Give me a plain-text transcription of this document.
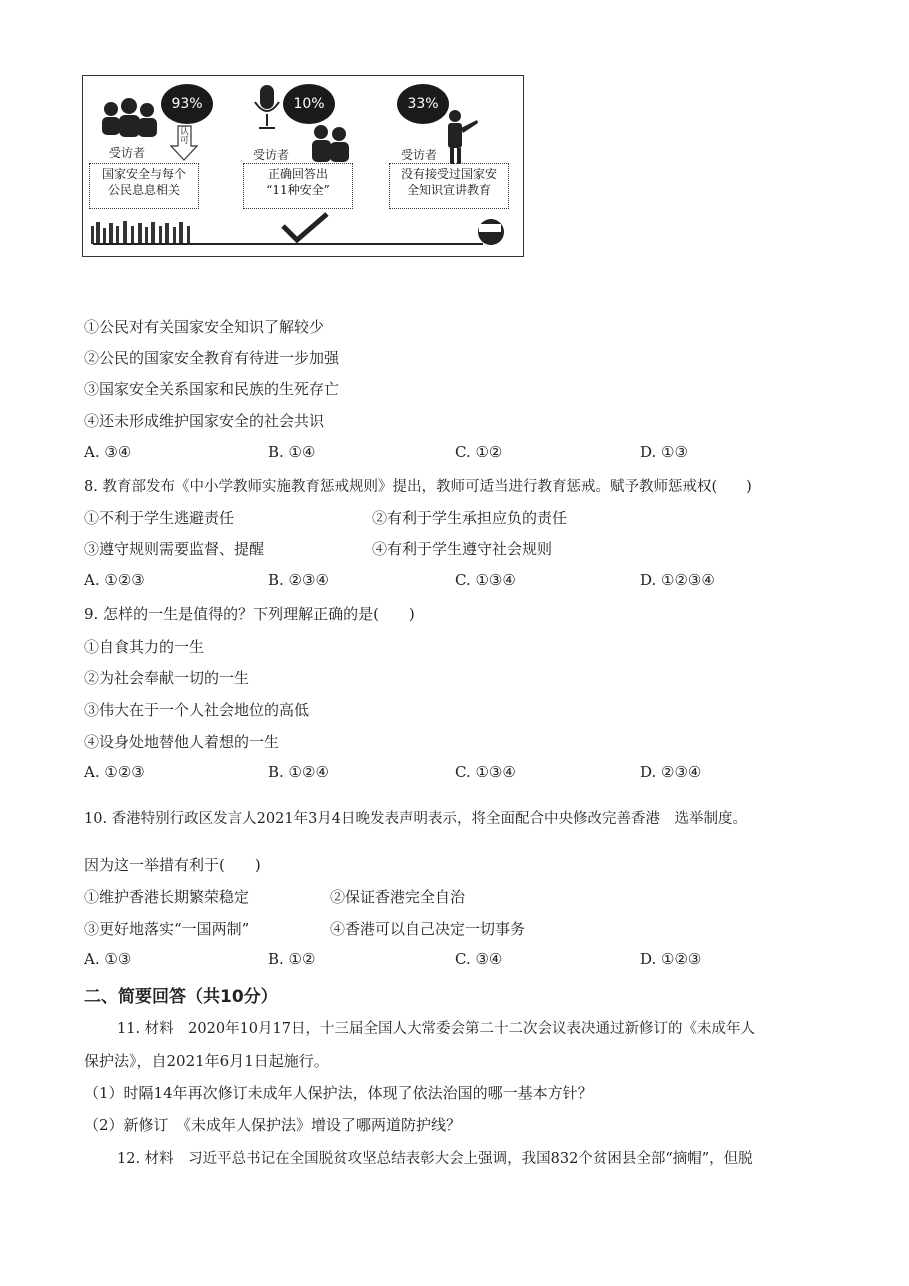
93%	10%	33%
认可
受访者	受访者	受访者
国家安全与每个
公民息息相关
正确回答出
“11种安全”
没有接受过国家安
全知识宣讲教育
①公民对有关国家安全知识了解较少
②公民的国家安全教育有待进一步加强
③国家安全关系国家和民族的生死存亡
④还未形成维护国家安全的社会共识
A. ③④	B. ①④	C. ①②	D. ①③
8. 教育部发布《中小学教师实施教育惩戒规则》提出，教师可适当进行教育惩戒。赋予教师惩戒权(　　)
①不利于学生逃避责任	②有利于学生承担应负的责任
③遵守规则需要监督、提醒	④有利于学生遵守社会规则
A. ①②③	B. ②③④	C. ①③④	D. ①②③④
9. 怎样的一生是值得的？下列理解正确的是(　　)
①自食其力的一生
②为社会奉献一切的一生
③伟大在于一个人社会地位的高低
④设身处地替他人着想的一生
A. ①②③	B. ①②④	C. ①③④	D. ②③④
10. 香港特别行政区发言人2021年3月4日晚发表声明表示，将全面配合中央修改完善香港　选举制度。
因为这一举措有利于(　　)
①维护香港长期繁荣稳定	②保证香港完全自治
③更好地落实“一国两制”	④香港可以自己决定一切事务
A. ①③	B. ①②	C. ③④	D. ①②③
二、简要回答（共10分）
11. 材料　2020年10月17日，十三届全国人大常委会第二十二次会议表决通过新修订的《未成年人
保护法》，自2021年6月1日起施行。
（1）时隔14年再次修订未成年人保护法，体现了依法治国的哪一基本方针？
（2）新修订　《未成年人保护法》增设了哪两道防护线？
12. 材料　习近平总书记在全国脱贫攻坚总结表彰大会上强调，我国832个贫困县全部“摘帽”，但脱
